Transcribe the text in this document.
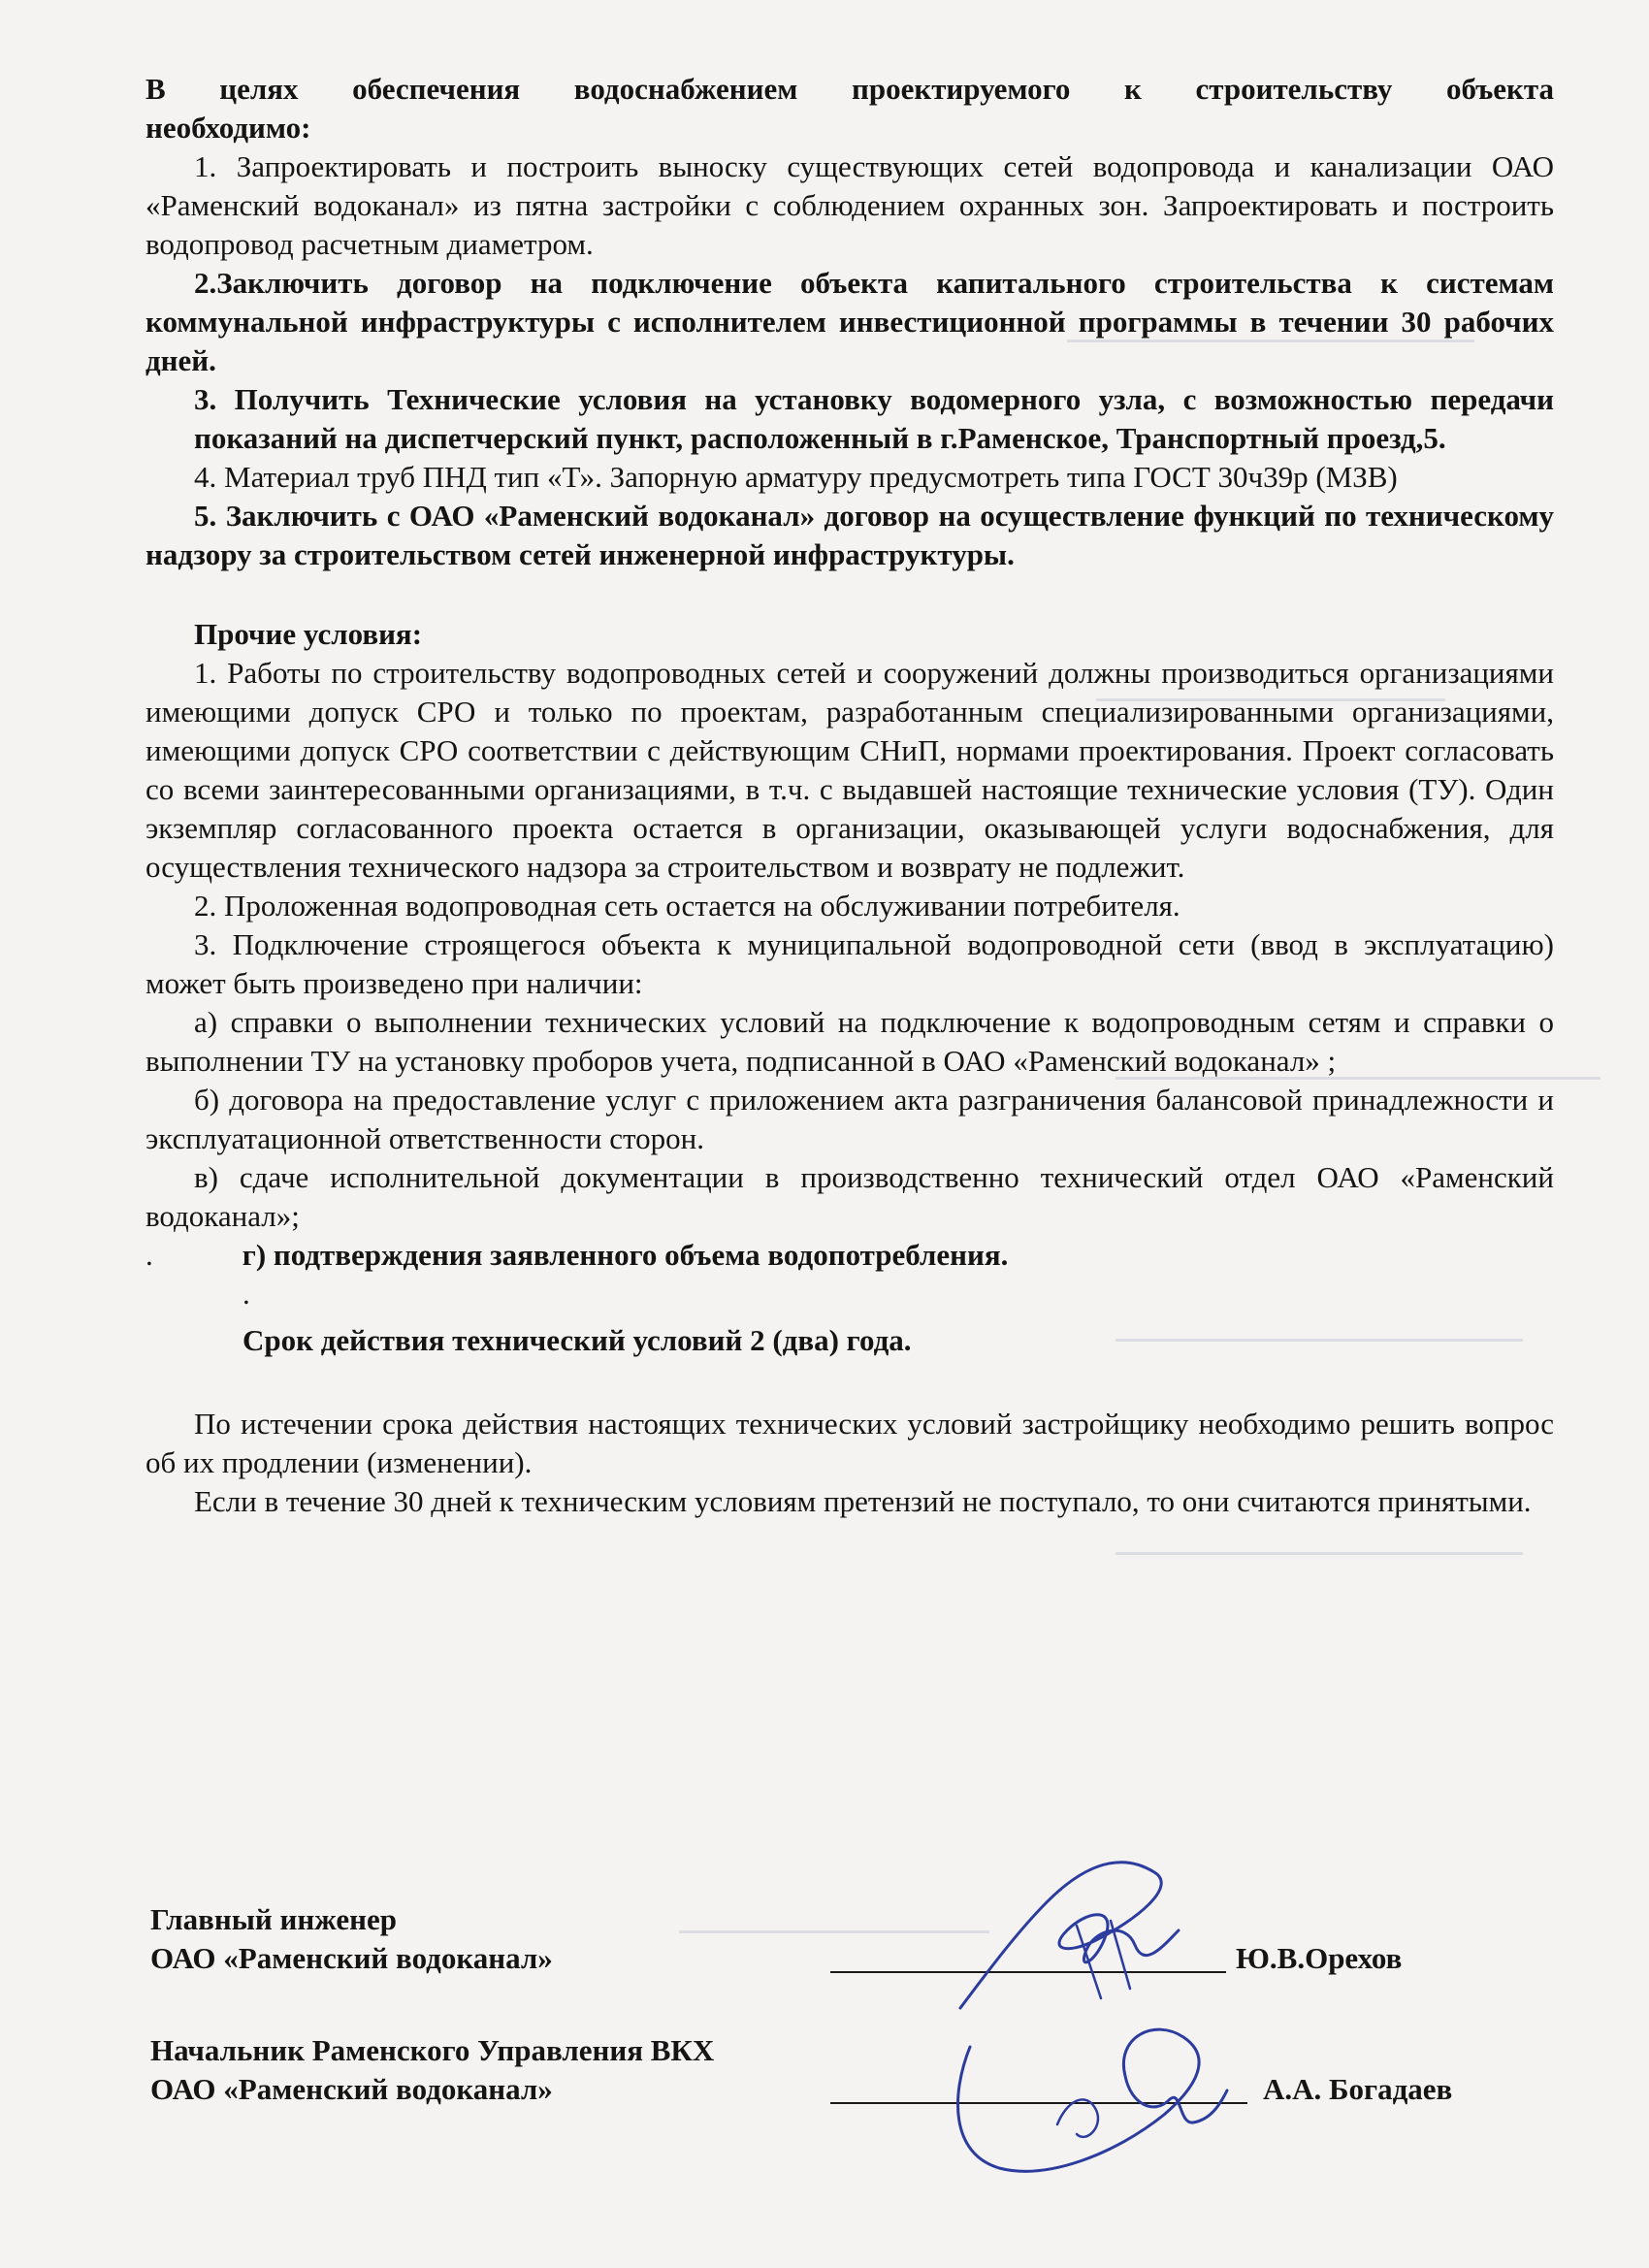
В целях обеспечения водоснабжением проектируемого к строительству объекта

необходимо:

1. Запроектировать и построить выноску существующих сетей водопровода и канализации ОАО «Раменский водоканал» из пятна застройки с соблюдением охранных зон. Запроектировать и построить водопровод расчетным диаметром.

2.Заключить договор на подключение объекта капитального строительства к системам коммунальной инфраструктуры с исполнителем инвестиционной программы в течении 30 рабочих дней.

3. Получить Технические условия на установку водомерного узла, с возможностью передачи показаний на диспетчерский пункт, расположенный в г.Раменское, Транспортный проезд,5.

4. Материал труб ПНД тип «Т». Запорную арматуру предусмотреть типа ГОСТ 30ч39р (МЗВ)

5. Заключить с ОАО «Раменский водоканал» договор на осуществление функций по техническому надзору за строительством сетей инженерной инфраструктуры.

Прочие условия:

1. Работы по строительству водопроводных сетей и сооружений должны производиться организациями имеющими допуск СРО и только по проектам, разработанным специализированными организациями, имеющими допуск СРО соответствии с действующим СНиП, нормами проектирования. Проект согласовать со всеми заинтересованными организациями, в т.ч. с выдавшей настоящие технические условия (ТУ). Один экземпляр согласованного проекта остается в организации, оказывающей услуги водоснабжения, для осуществления технического надзора за строительством и возврату не подлежит.

2. Проложенная водопроводная сеть остается на обслуживании потребителя.

3. Подключение строящегося объекта к муниципальной водопроводной сети (ввод в эксплуатацию) может быть произведено при наличии:

а) справки о выполнении технических условий на подключение к водопроводным сетям и справки о выполнении ТУ на установку проборов учета, подписанной в ОАО «Раменский водоканал» ;

б) договора на предоставление услуг с приложением акта разграничения балансовой принадлежности и эксплуатационной ответственности сторон.

в) сдаче исполнительной документации в производственно технический отдел ОАО «Раменский водоканал»;

.	г) подтверждения заявленного объема водопотребления.

.

Срок действия технический условий 2 (два) года.

По истечении срока действия настоящих технических условий застройщику необходимо решить вопрос об их продлении (изменении).

Если в течение 30 дней к техническим условиям претензий не поступало, то они считаются принятыми.

Главный инженер
ОАО «Раменский водоканал»	Ю.В.Орехов
Начальник Раменского Управления ВКХ
ОАО «Раменский водоканал»	А.А. Богадаев
